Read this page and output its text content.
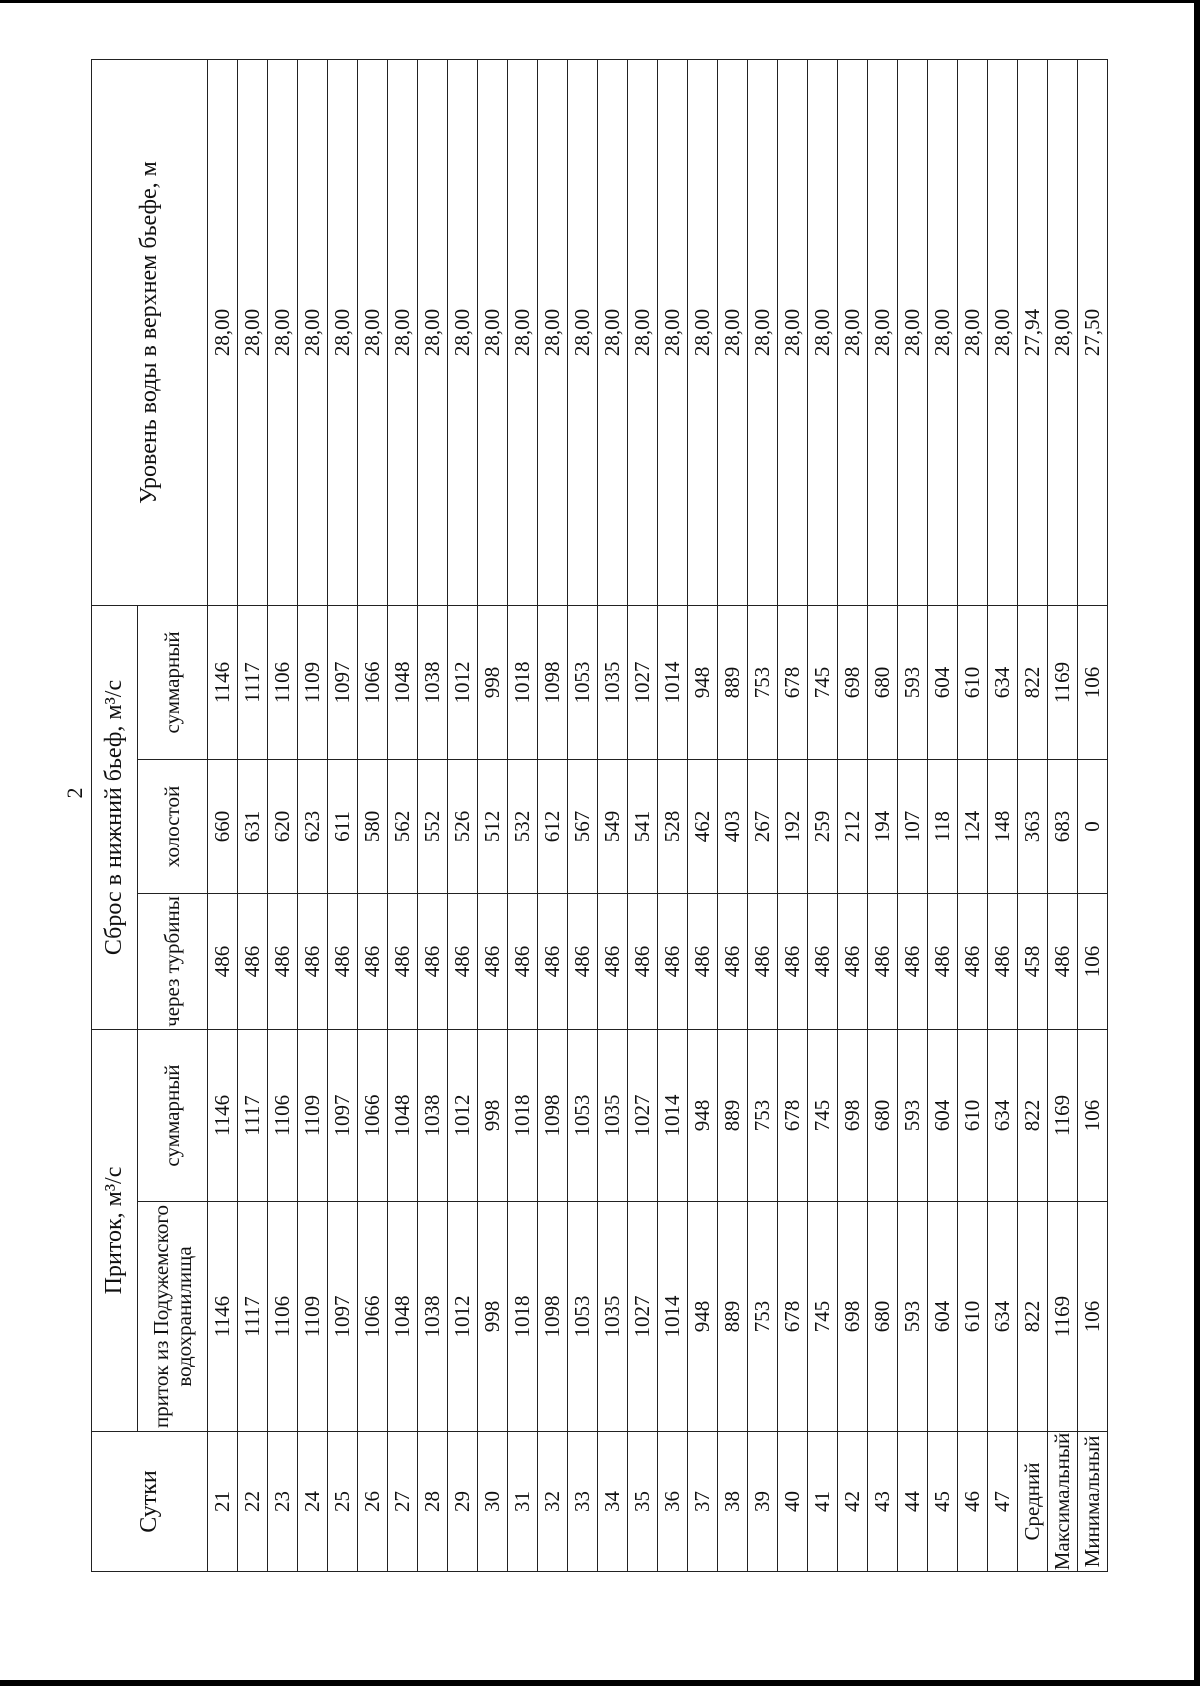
2
Сутки	Приток, м³/с		Сброс в нижний бьеф, м³/с			Уровень воды в верхнем бьефе, м
	приток из Подужемского водохранилища	суммарный	через турбины	холостой	суммарный	
21	1146	1146	486	660	1146	28,00
22	1117	1117	486	631	1117	28,00
23	1106	1106	486	620	1106	28,00
24	1109	1109	486	623	1109	28,00
25	1097	1097	486	611	1097	28,00
26	1066	1066	486	580	1066	28,00
27	1048	1048	486	562	1048	28,00
28	1038	1038	486	552	1038	28,00
29	1012	1012	486	526	1012	28,00
30	998	998	486	512	998	28,00
31	1018	1018	486	532	1018	28,00
32	1098	1098	486	612	1098	28,00
33	1053	1053	486	567	1053	28,00
34	1035	1035	486	549	1035	28,00
35	1027	1027	486	541	1027	28,00
36	1014	1014	486	528	1014	28,00
37	948	948	486	462	948	28,00
38	889	889	486	403	889	28,00
39	753	753	486	267	753	28,00
40	678	678	486	192	678	28,00
41	745	745	486	259	745	28,00
42	698	698	486	212	698	28,00
43	680	680	486	194	680	28,00
44	593	593	486	107	593	28,00
45	604	604	486	118	604	28,00
46	610	610	486	124	610	28,00
47	634	634	486	148	634	28,00
Средний	822	822	458	363	822	27,94
Максимальный	1169	1169	486	683	1169	28,00
Минимальный	106	106	106	0	106	27,50
